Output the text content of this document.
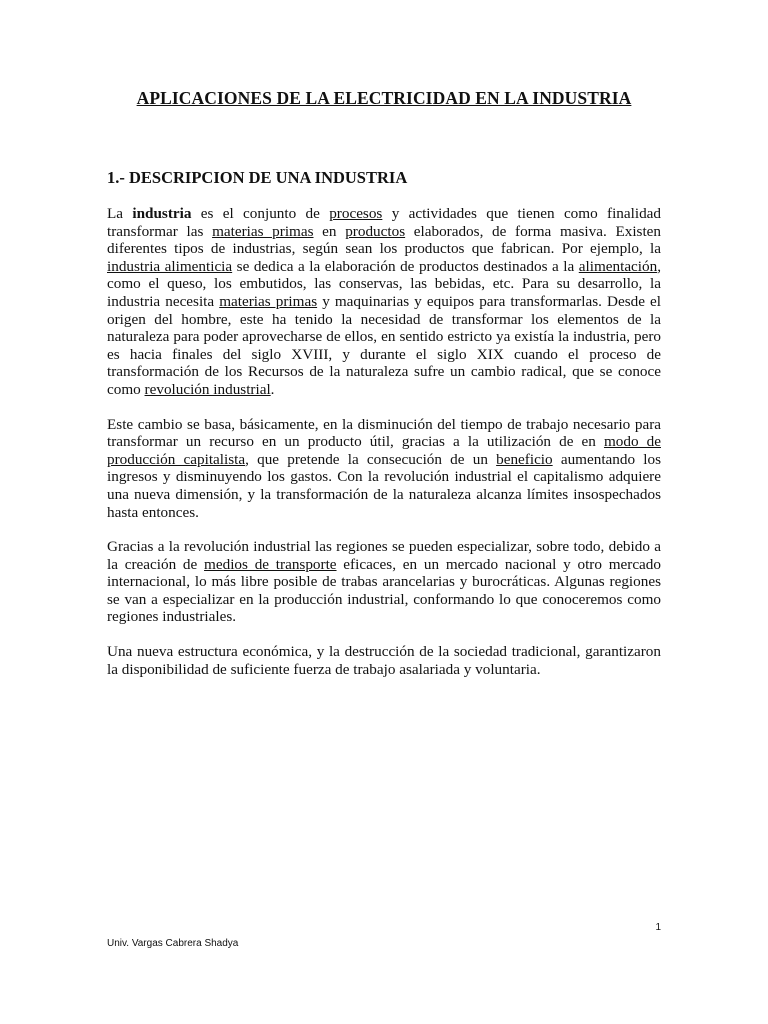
APLICACIONES DE LA ELECTRICIDAD EN LA INDUSTRIA
1.- DESCRIPCION DE UNA INDUSTRIA

La industria es el conjunto de procesos y actividades que tienen como finalidad transformar las materias primas en productos elaborados, de forma masiva. Existen diferentes tipos de industrias, según sean los productos que fabrican. Por ejemplo, la industria alimenticia se dedica a la elaboración de productos destinados a la alimentación, como el queso, los embutidos, las conservas, las bebidas, etc. Para su desarrollo, la industria necesita materias primas y maquinarias y equipos para transformarlas. Desde el origen del hombre, este ha tenido la necesidad de transformar los elementos de la naturaleza para poder aprovecharse de ellos, en sentido estricto ya existía la industria, pero es hacia finales del siglo XVIII, y durante el siglo XIX cuando el proceso de transformación de los Recursos de la naturaleza sufre un cambio radical, que se conoce como revolución industrial.

Este cambio se basa, básicamente, en la disminución del tiempo de trabajo necesario para transformar un recurso en un producto útil, gracias a la utilización de en modo de producción capitalista, que pretende la consecución de un beneficio aumentando los ingresos y disminuyendo los gastos. Con la revolución industrial el capitalismo adquiere una nueva dimensión, y la transformación de la naturaleza alcanza límites insospechados hasta entonces.

Gracias a la revolución industrial las regiones se pueden especializar, sobre todo, debido a la creación de medios de transporte eficaces, en un mercado nacional y otro mercado internacional, lo más libre posible de trabas arancelarias y burocráticas. Algunas regiones se van a especializar en la producción industrial, conformando lo que conoceremos como regiones industriales.

Una nueva estructura económica, y la destrucción de la sociedad tradicional, garantizaron la disponibilidad de suficiente fuerza de trabajo asalariada y voluntaria.

1
Univ. Vargas Cabrera Shadya
